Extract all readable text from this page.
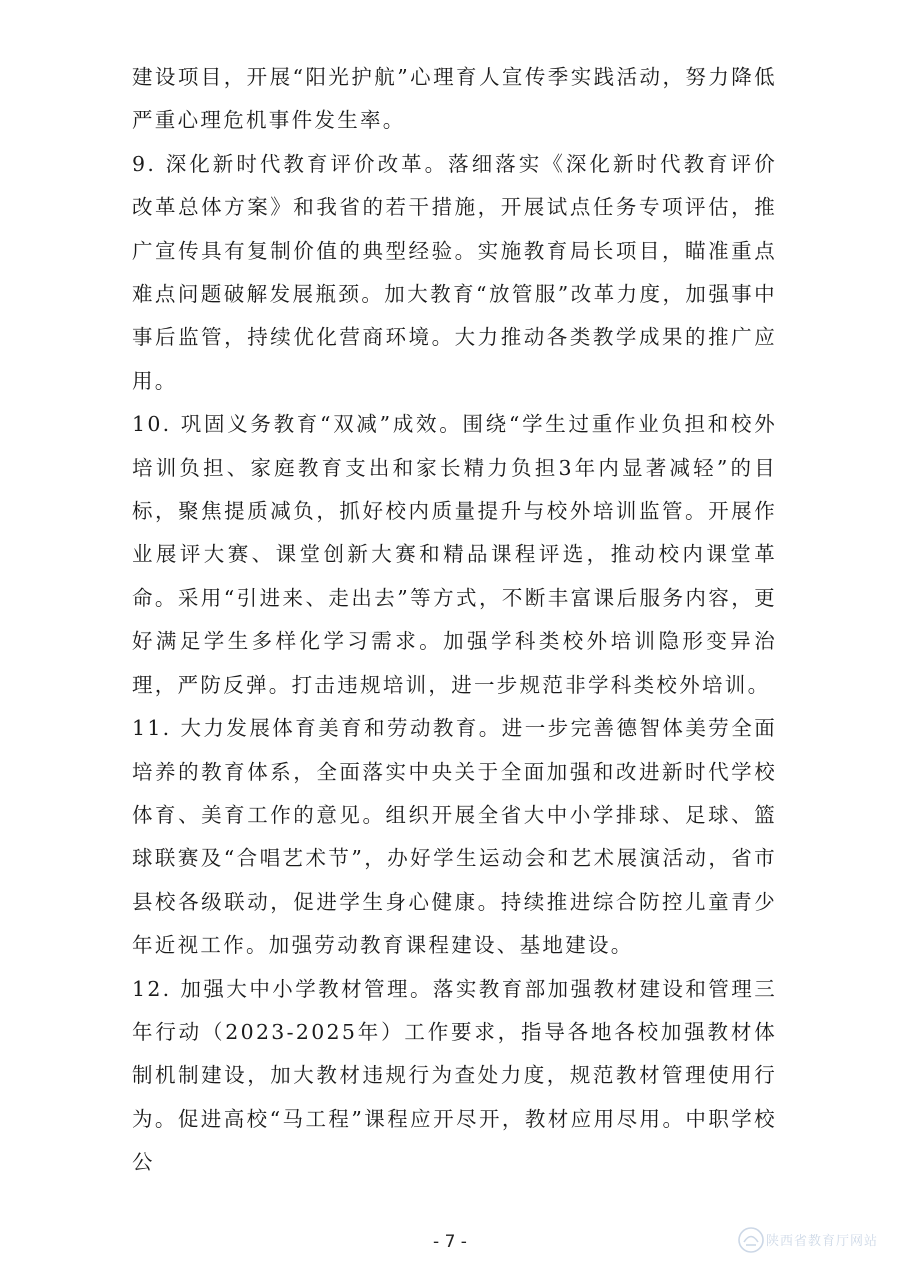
建设项目，开展“阳光护航”心理育人宣传季实践活动，努力降低严重心理危机事件发生率。

9. 深化新时代教育评价改革。落细落实《深化新时代教育评价改革总体方案》和我省的若干措施，开展试点任务专项评估，推广宣传具有复制价值的典型经验。实施教育局长项目，瞄准重点难点问题破解发展瓶颈。加大教育“放管服”改革力度，加强事中事后监管，持续优化营商环境。大力推动各类教学成果的推广应用。

10. 巩固义务教育“双减”成效。围绕“学生过重作业负担和校外培训负担、家庭教育支出和家长精力负担3年内显著减轻”的目标，聚焦提质减负，抓好校内质量提升与校外培训监管。开展作业展评大赛、课堂创新大赛和精品课程评选，推动校内课堂革命。采用“引进来、走出去”等方式，不断丰富课后服务内容，更好满足学生多样化学习需求。加强学科类校外培训隐形变异治理，严防反弹。打击违规培训，进一步规范非学科类校外培训。

11. 大力发展体育美育和劳动教育。进一步完善德智体美劳全面培养的教育体系，全面落实中央关于全面加强和改进新时代学校体育、美育工作的意见。组织开展全省大中小学排球、足球、篮球联赛及“合唱艺术节”，办好学生运动会和艺术展演活动，省市县校各级联动，促进学生身心健康。持续推进综合防控儿童青少年近视工作。加强劳动教育课程建设、基地建设。

12. 加强大中小学教材管理。落实教育部加强教材建设和管理三年行动（2023-2025年）工作要求，指导各地各校加强教材体制机制建设，加大教材违规行为查处力度，规范教材管理使用行为。促进高校“马工程”课程应开尽开，教材应用尽用。中职学校公

- 7 -	陕西省教育厅网站
